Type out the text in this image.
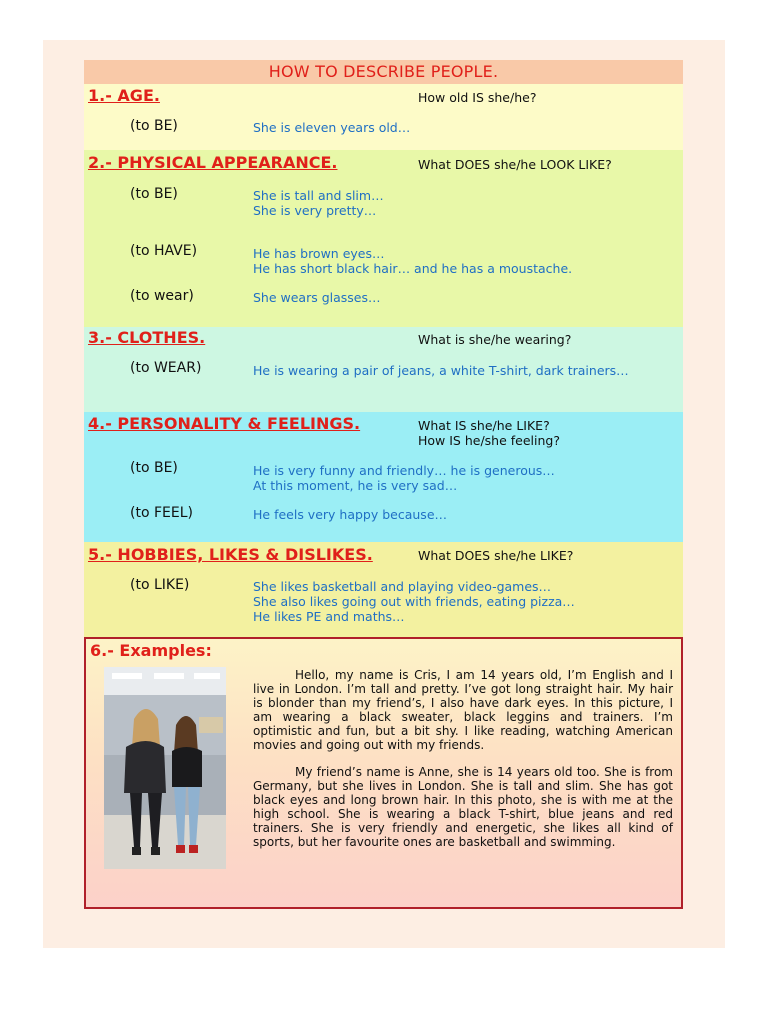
HOW TO DESCRIBE PEOPLE.
1.- AGE.	How old IS she/he?
(to BE)	She is eleven years old…
2.- PHYSICAL APPEARANCE.	What DOES she/he LOOK LIKE?
(to BE)	She is tall and slim…
She is very pretty…
(to HAVE)	He has brown eyes…
He has short black hair… and he has a moustache.
(to wear)	She wears glasses…
3.- CLOTHES.	What is she/he wearing?
(to WEAR)	He is wearing a pair of jeans, a white T-shirt, dark trainers…
4.- PERSONALITY & FEELINGS.	What IS she/he LIKE?
How IS he/she feeling?
(to BE)	He is very funny and friendly… he is generous…
At this moment, he is very sad…
(to FEEL)	He feels very happy because…
5.- HOBBIES, LIKES & DISLIKES.	What DOES she/he LIKE?
(to LIKE)	She likes basketball and playing video-games…
She also likes going out with friends, eating pizza…
He likes PE and maths…
6.- Examples:
Hello, my name is Cris, I am 14 years old, I’m English and I live in London. I’m tall and pretty. I’ve got long straight hair. My hair is blonder than my friend’s, I also have dark eyes. In this picture, I am wearing a black sweater, black leggins and trainers. I’m optimistic and fun, but a bit shy. I like reading, watching American movies and going out with my friends.
My friend’s name is Anne, she is 14 years old too. She is from Germany, but she lives in London. She is tall and slim. She has got black eyes and long brown hair. In this photo, she is with me at the high school. She is wearing a black T-shirt, blue jeans and red trainers. She is very friendly and energetic, she likes all kind of sports, but her favourite ones are basketball and swimming.
